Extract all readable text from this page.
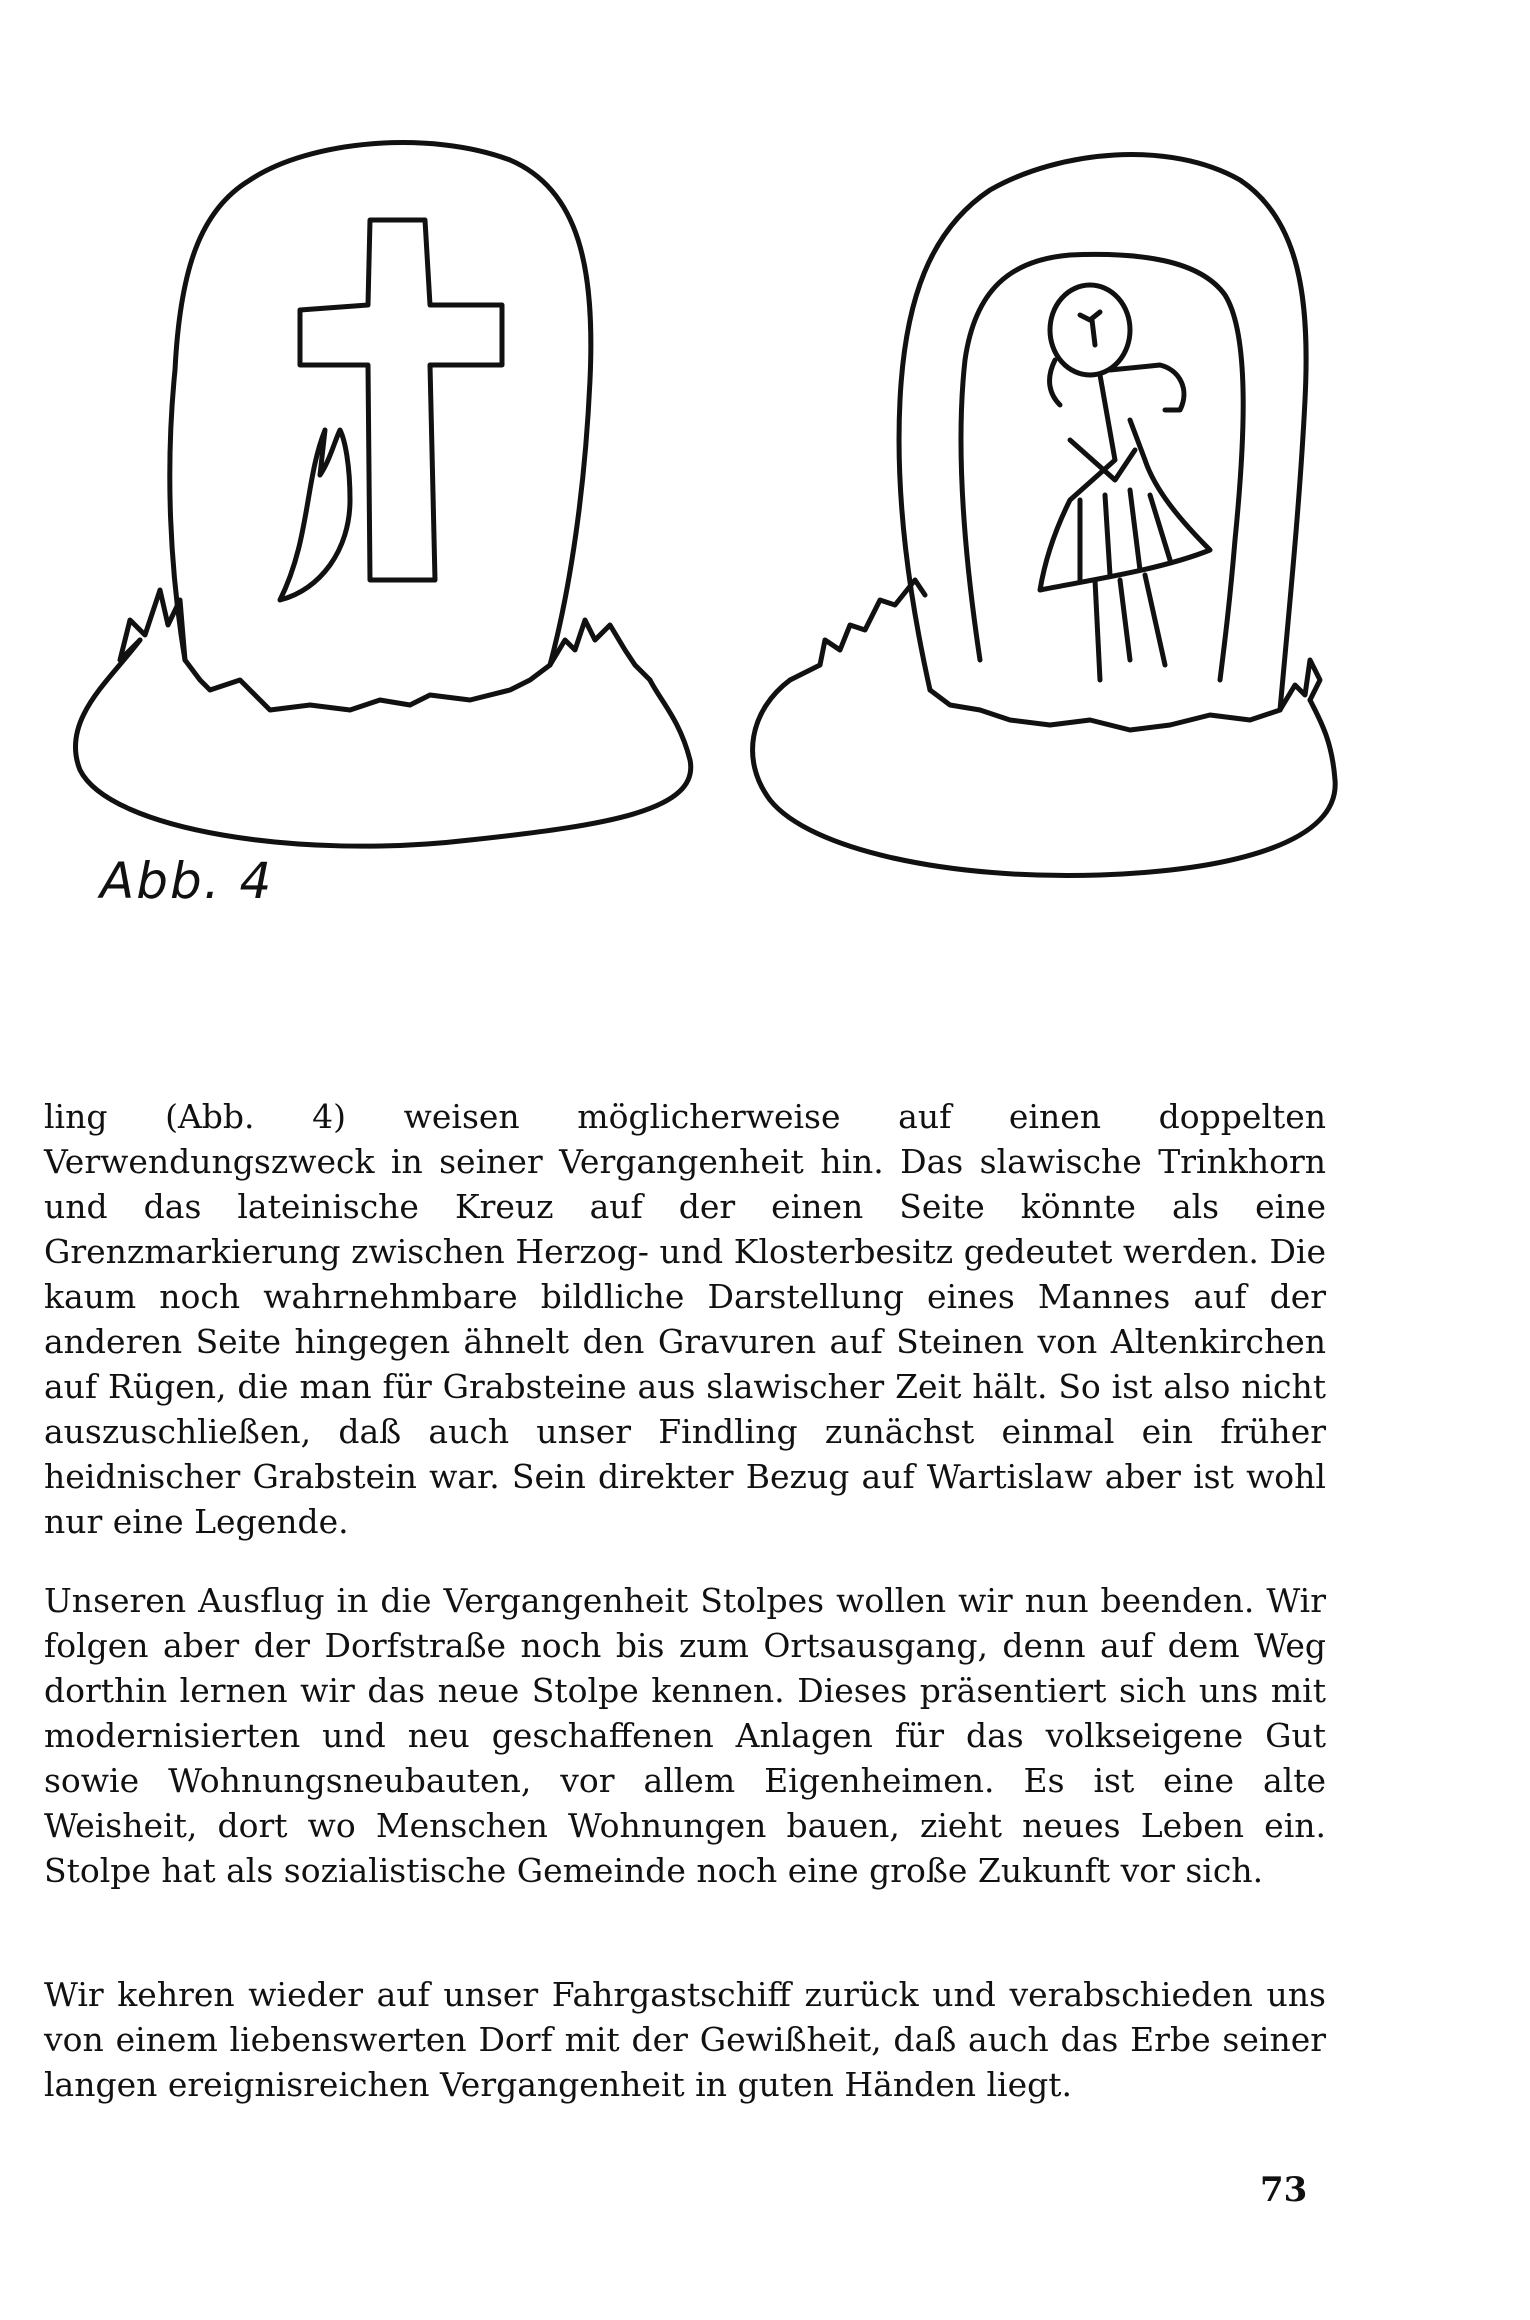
Abb. 4
ling (Abb. 4) weisen möglicherweise auf einen doppelten Verwendungszweck in seiner Vergangenheit hin. Das slawische Trinkhorn und das lateinische Kreuz auf der einen Seite könnte als eine Grenzmarkierung zwischen Herzog- und Klosterbesitz gedeutet werden. Die kaum noch wahrnehmbare bildliche Darstellung eines Mannes auf der anderen Seite hingegen ähnelt den Gravuren auf Steinen von Altenkirchen auf Rügen, die man für Grabsteine aus slawischer Zeit hält. So ist also nicht auszuschließen, daß auch unser Findling zunächst einmal ein früher heidnischer Grabstein war. Sein direkter Bezug auf Wartislaw aber ist wohl nur eine Legende.
Unseren Ausflug in die Vergangenheit Stolpes wollen wir nun beenden. Wir folgen aber der Dorfstraße noch bis zum Ortsausgang, denn auf dem Weg dorthin lernen wir das neue Stolpe kennen. Dieses präsentiert sich uns mit modernisierten und neu geschaffenen Anlagen für das volkseigene Gut sowie Wohnungsneubauten, vor allem Eigenheimen. Es ist eine alte Weisheit, dort wo Menschen Wohnungen bauen, zieht neues Leben ein. Stolpe hat als sozialistische Gemeinde noch eine große Zukunft vor sich.
Wir kehren wieder auf unser Fahrgastschiff zurück und verabschieden uns von einem liebenswerten Dorf mit der Gewißheit, daß auch das Erbe seiner langen ereignisreichen Vergangenheit in guten Händen liegt.
73
